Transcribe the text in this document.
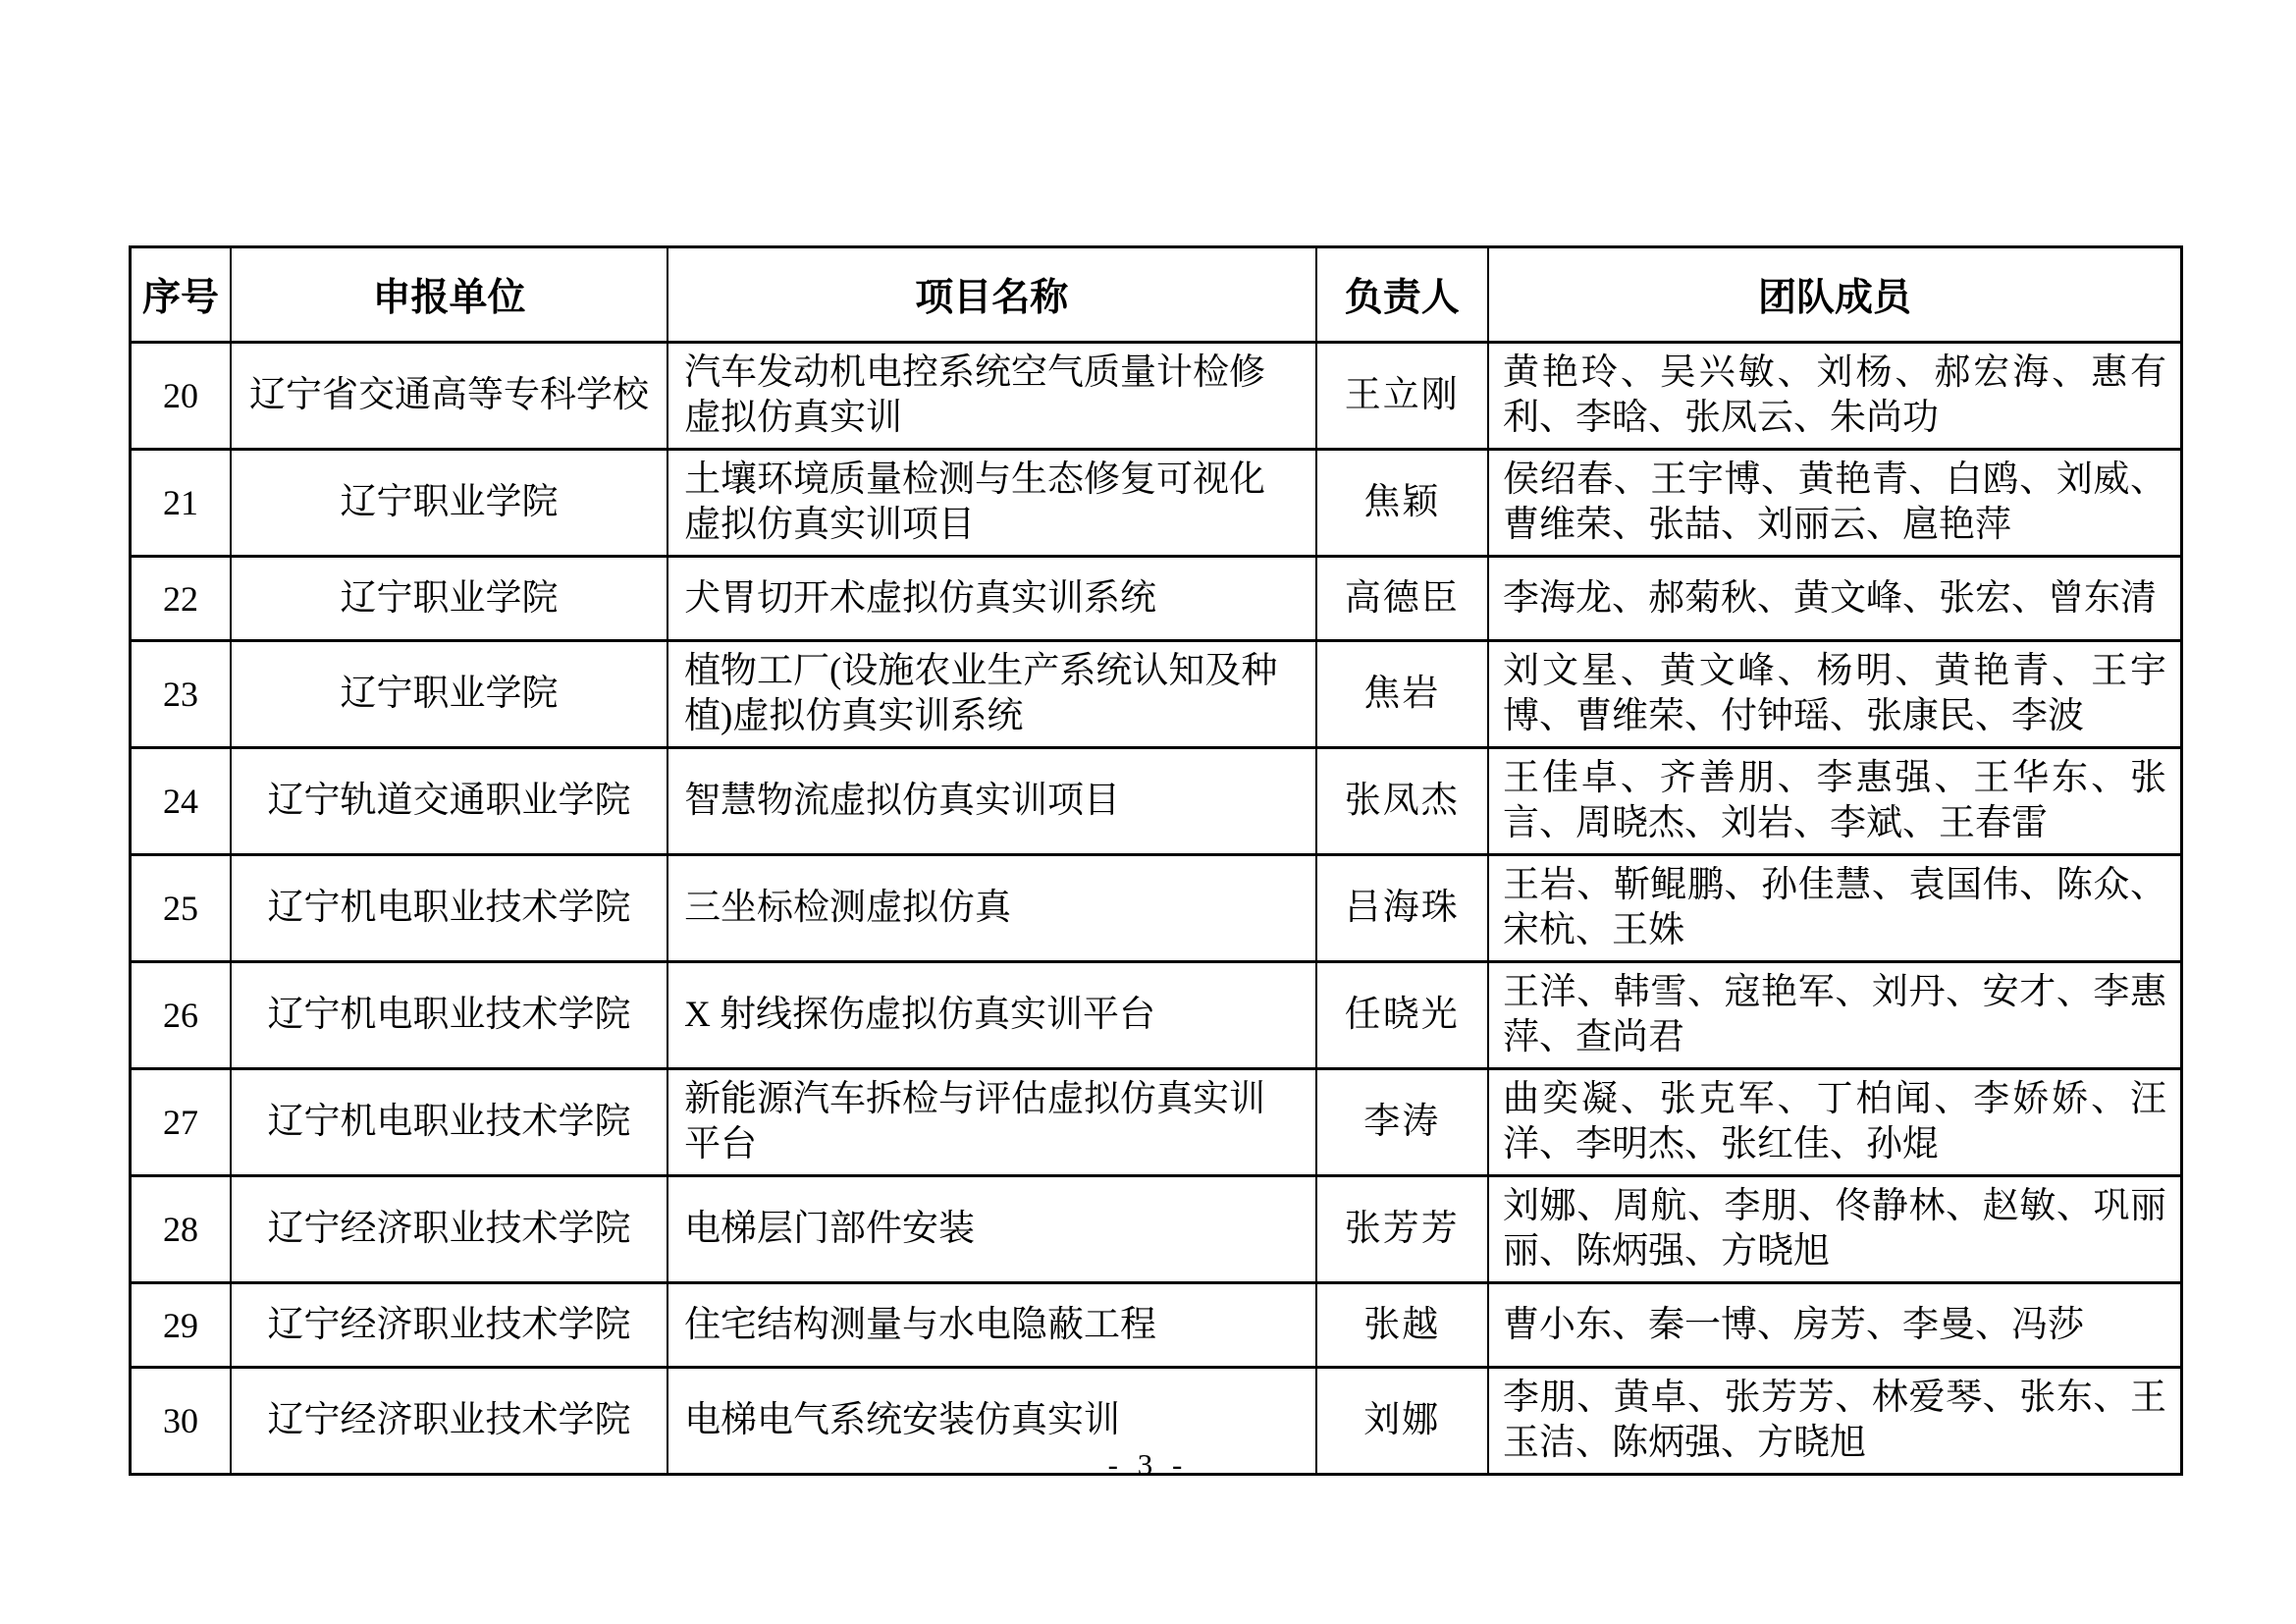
序号	申报单位	项目名称	负责人	团队成员
20	辽宁省交通高等专科学校	汽车发动机电控系统空气质量计检修虚拟仿真实训	王立刚	黄艳玲、吴兴敏、刘杨、郝宏海、惠有利、李晗、张凤云、朱尚功
21	辽宁职业学院	土壤环境质量检测与生态修复可视化虚拟仿真实训项目	焦颖	侯绍春、王宇博、黄艳青、白鸥、刘威、曹维荣、张喆、刘丽云、扈艳萍
22	辽宁职业学院	犬胃切开术虚拟仿真实训系统	高德臣	李海龙、郝菊秋、黄文峰、张宏、曾东清
23	辽宁职业学院	植物工厂(设施农业生产系统认知及种植)虚拟仿真实训系统	焦岩	刘文星、黄文峰、杨明、黄艳青、王宇博、曹维荣、付钟瑶、张康民、李波
24	辽宁轨道交通职业学院	智慧物流虚拟仿真实训项目	张凤杰	王佳卓、齐善朋、李惠强、王华东、张言、周晓杰、刘岩、李斌、王春雷
25	辽宁机电职业技术学院	三坐标检测虚拟仿真	吕海珠	王岩、靳鲲鹏、孙佳慧、袁国伟、陈众、宋杭、王姝
26	辽宁机电职业技术学院	X 射线探伤虚拟仿真实训平台	任晓光	王洋、韩雪、寇艳军、刘丹、安才、李惠萍、查尚君
27	辽宁机电职业技术学院	新能源汽车拆检与评估虚拟仿真实训平台	李涛	曲奕凝、张克军、丁柏闻、李娇娇、汪洋、李明杰、张红佳、孙焜
28	辽宁经济职业技术学院	电梯层门部件安装	张芳芳	刘娜、周航、李朋、佟静林、赵敏、巩丽丽、陈炳强、方晓旭
29	辽宁经济职业技术学院	住宅结构测量与水电隐蔽工程	张越	曹小东、秦一博、房芳、李曼、冯莎
30	辽宁经济职业技术学院	电梯电气系统安装仿真实训	刘娜	李朋、黄卓、张芳芳、林爱琴、张东、王玉洁、陈炳强、方晓旭
- 3 -
